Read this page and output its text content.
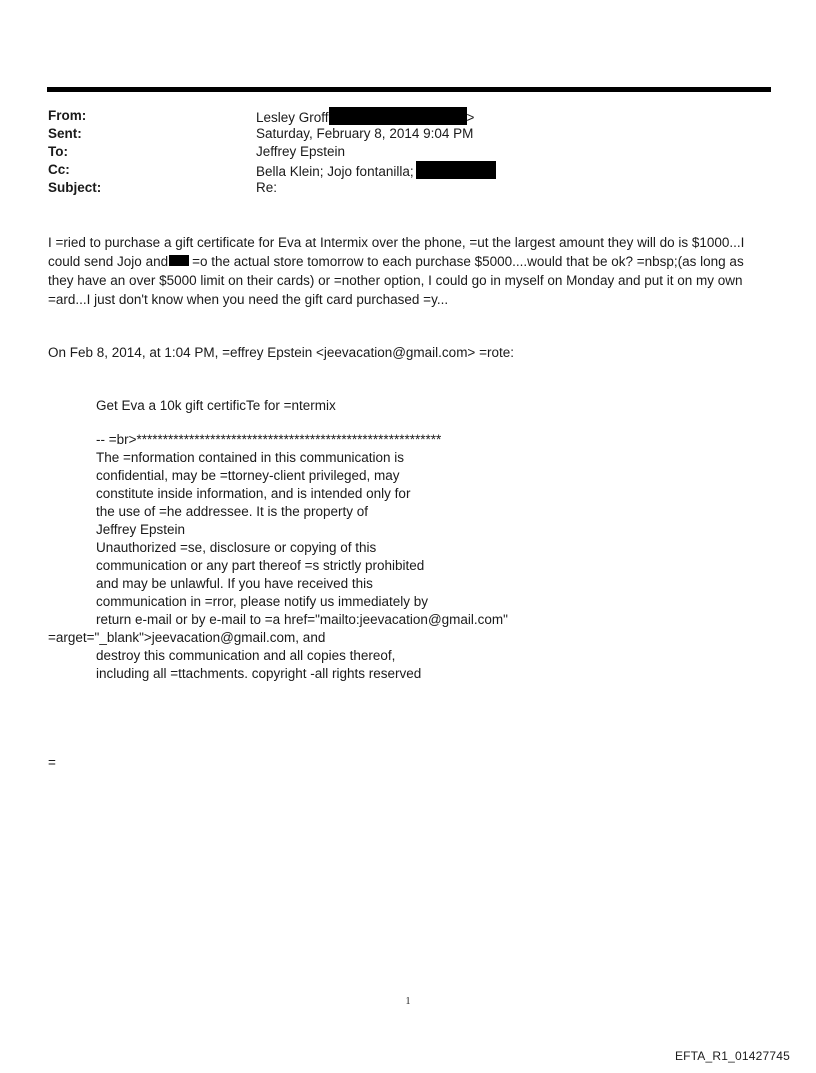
From:	Lesley Groff	>
Sent:	Saturday, February 8, 2014 9:04 PM
To:	Jeffrey Epstein
Cc:	Bella Klein; Jojo fontanilla;
Subject:	Re:
I =ried to purchase a gift certificate for Eva at Intermix over the phone, =ut the largest amount they will do is $1000...I
could send Jojo and =o the actual store tomorrow to each purchase $5000....would that be ok? =nbsp;(as long as
they have an over $5000 limit on their cards) or =nother option, I could go in myself on Monday and put it on my own
=ard...I just don't know when you need the gift card purchased =y...
On Feb 8, 2014, at 1:04 PM, =effrey Epstein <jeevacation@gmail.com> =rote:
Get Eva a 10k gift certificTe for =ntermix
-- =br>**********************************************************
The =nformation contained in this communication is
confidential, may be =ttorney-client privileged, may
constitute inside information, and is intended only for
the use of =he addressee. It is the property of
Jeffrey Epstein
Unauthorized =se, disclosure or copying of this
communication or any part thereof =s strictly prohibited
and may be unlawful. If you have received this
communication in =rror, please notify us immediately by
return e-mail or by e-mail to =a href="mailto:jeevacation@gmail.com"
=arget="_blank">jeevacation@gmail.com, and
destroy this communication and all copies thereof,
including all =ttachments. copyright -all rights reserved
=
1
EFTA_R1_01427745
